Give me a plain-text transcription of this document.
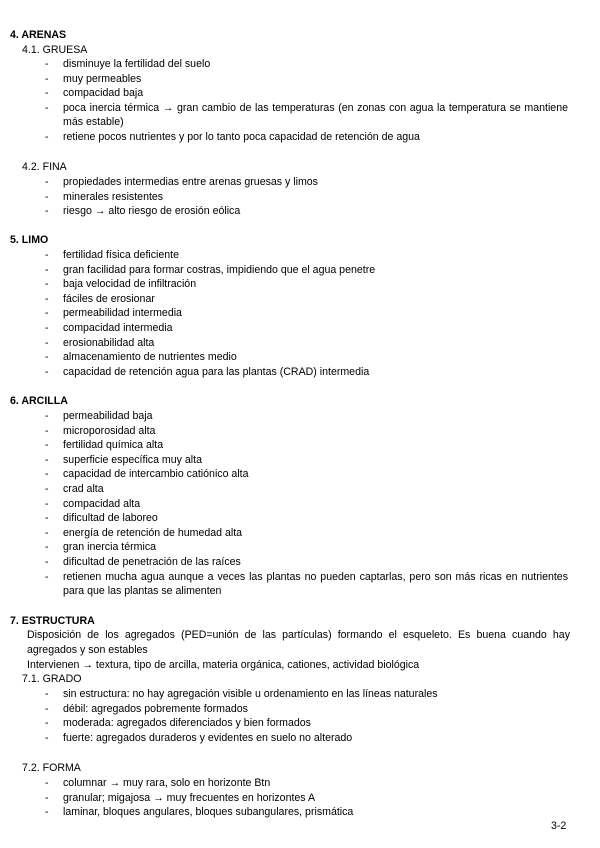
4. ARENAS
4.1. GRUESA
- disminuye la fertilidad del suelo
- muy permeables
- compacidad baja
- poca inercia térmica → gran cambio de las temperaturas (en zonas con agua la temperatura se mantiene más estable)
- retiene pocos nutrientes y por lo tanto poca capacidad de retención de agua
4.2. FINA
- propiedades intermedias entre arenas gruesas y limos
- minerales resistentes
- riesgo → alto riesgo de erosión eólica
5. LIMO
- fertilidad física deficiente
- gran facilidad para formar costras, impidiendo que el agua penetre
- baja velocidad de infiltración
- fáciles de erosionar
- permeabilidad intermedia
- compacidad intermedia
- erosionabilidad alta
- almacenamiento de nutrientes medio
- capacidad de retención agua para las plantas (CRAD) intermedia
6. ARCILLA
- permeabilidad baja
- microporosidad alta
- fertilidad química alta
- superficie específica muy alta
- capacidad de intercambio catiónico alta
- crad alta
- compacidad alta
- dificultad de laboreo
- energía de retención de humedad alta
- gran inercia térmica
- dificultad de penetración de las raíces
- retienen mucha agua aunque a veces las plantas no pueden captarlas, pero son más ricas en nutrientes para que las plantas se alimenten
7. ESTRUCTURA
Disposición de los agregados (PED=unión de las partículas) formando el esqueleto. Es buena cuando hay agregados y son estables
Intervienen → textura, tipo de arcilla, materia orgánica, cationes, actividad biológica
7.1. GRADO
- sin estructura: no hay agregación visible u ordenamiento en las líneas naturales
- débil: agregados pobremente formados
- moderada: agregados diferenciados y bien formados
- fuerte: agregados duraderos y evidentes en suelo no alterado
7.2. FORMA
- columnar → muy rara, solo en horizonte Btn
- granular; migajosa → muy frecuentes en horizontes A
- laminar, bloques angulares, bloques subangulares, prismática
3-2
